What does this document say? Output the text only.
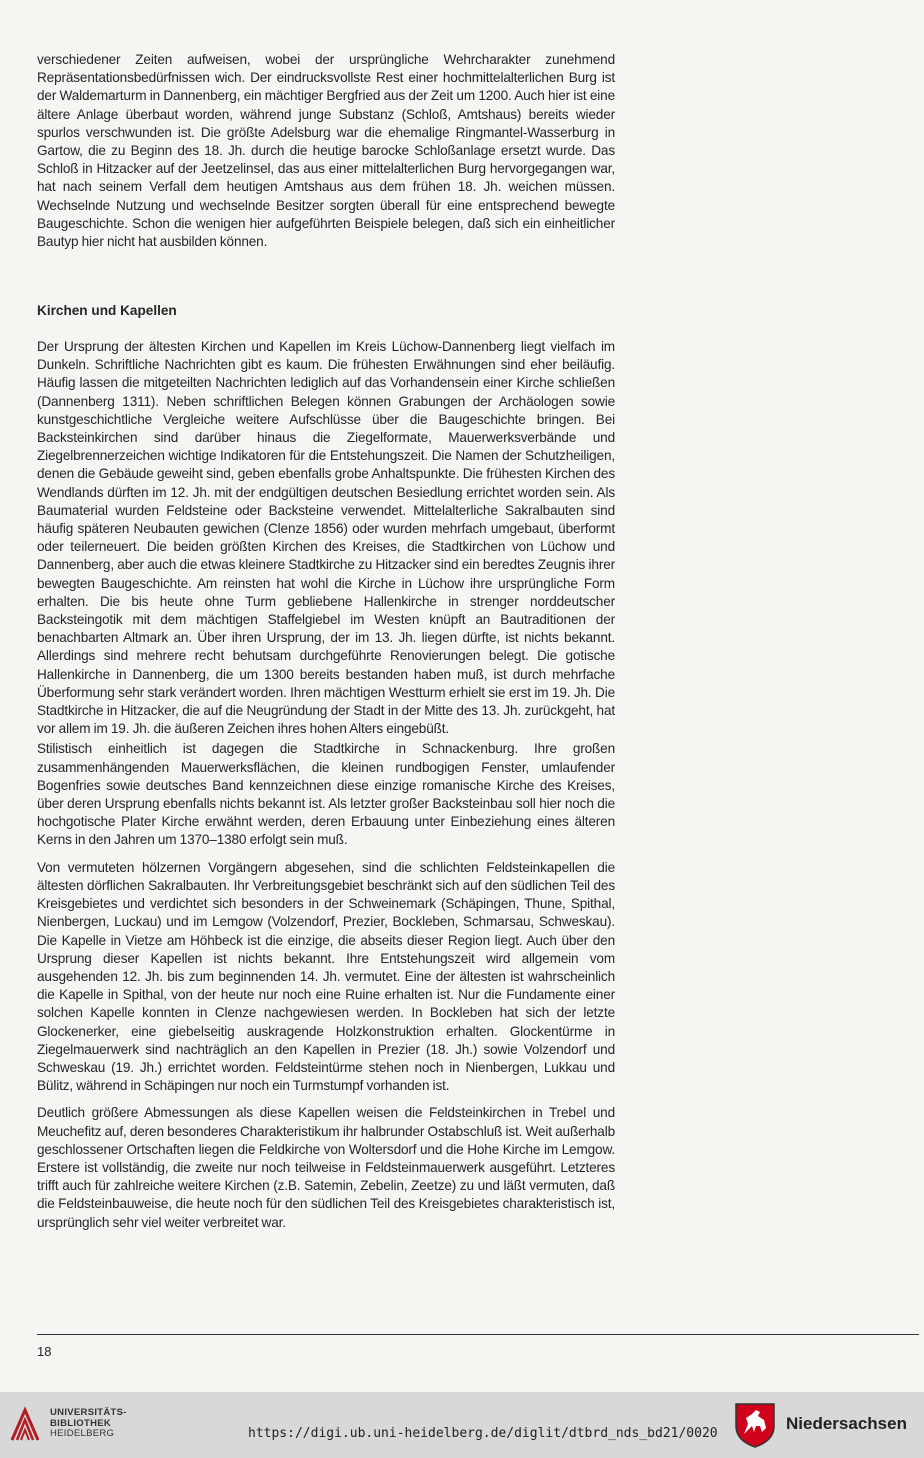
verschiedener Zeiten aufweisen, wobei der ursprüngliche Wehrcharakter zunehmend Repräsentationsbedürfnissen wich. Der eindrucksvollste Rest einer hochmittelalterlichen Burg ist der Waldemarturm in Dannenberg, ein mächtiger Bergfried aus der Zeit um 1200. Auch hier ist eine ältere Anlage überbaut worden, während junge Substanz (Schloß, Amtshaus) bereits wieder spurlos verschwunden ist. Die größte Adelsburg war die ehemalige Ringmantel-Wasserburg in Gartow, die zu Beginn des 18. Jh. durch die heutige barocke Schloßanlage ersetzt wurde. Das Schloß in Hitzacker auf der Jeetzelinsel, das aus einer mittelalterlichen Burg hervorgegangen war, hat nach seinem Verfall dem heutigen Amtshaus aus dem frühen 18. Jh. weichen müssen. Wechselnde Nutzung und wechselnde Besitzer sorgten überall für eine entsprechend bewegte Baugeschichte. Schon die wenigen hier aufgeführten Beispiele belegen, daß sich ein einheitlicher Bautyp hier nicht hat ausbilden können.

Kirchen und Kapellen

Der Ursprung der ältesten Kirchen und Kapellen im Kreis Lüchow-Dannenberg liegt vielfach im Dunkeln. Schriftliche Nachrichten gibt es kaum. Die frühesten Erwähnungen sind eher beiläufig. Häufig lassen die mitgeteilten Nachrichten lediglich auf das Vorhandensein einer Kirche schließen (Dannenberg 1311). Neben schriftlichen Belegen können Grabungen der Archäologen sowie kunstgeschichtliche Vergleiche weitere Aufschlüsse über die Baugeschichte bringen. Bei Backsteinkirchen sind darüber hinaus die Ziegelformate, Mauerwerksverbände und Ziegelbrennerzeichen wichtige Indikatoren für die Entstehungszeit. Die Namen der Schutzheiligen, denen die Gebäude geweiht sind, geben ebenfalls grobe Anhaltspunkte. Die frühesten Kirchen des Wendlands dürften im 12. Jh. mit der endgültigen deutschen Besiedlung errichtet worden sein. Als Baumaterial wurden Feldsteine oder Backsteine verwendet. Mittelalterliche Sakralbauten sind häufig späteren Neubauten gewichen (Clenze 1856) oder wurden mehrfach umgebaut, überformt oder teilerneuert. Die beiden größten Kirchen des Kreises, die Stadtkirchen von Lüchow und Dannenberg, aber auch die etwas kleinere Stadtkirche zu Hitzacker sind ein beredtes Zeugnis ihrer bewegten Baugeschichte. Am reinsten hat wohl die Kirche in Lüchow ihre ursprüngliche Form erhalten. Die bis heute ohne Turm gebliebene Hallenkirche in strenger norddeutscher Backsteingotik mit dem mächtigen Staffelgiebel im Westen knüpft an Bautraditionen der benachbarten Altmark an. Über ihren Ursprung, der im 13. Jh. liegen dürfte, ist nichts bekannt. Allerdings sind mehrere recht behutsam durchgeführte Renovierungen belegt. Die gotische Hallenkirche in Dannenberg, die um 1300 bereits bestanden haben muß, ist durch mehrfache Überformung sehr stark verändert worden. Ihren mächtigen Westturm erhielt sie erst im 19. Jh. Die Stadtkirche in Hitzacker, die auf die Neugründung der Stadt in der Mitte des 13. Jh. zurückgeht, hat vor allem im 19. Jh. die äußeren Zeichen ihres hohen Alters eingebüßt.

Stilistisch einheitlich ist dagegen die Stadtkirche in Schnackenburg. Ihre großen zusammenhängenden Mauerwerksflächen, die kleinen rundbogigen Fenster, umlaufender Bogenfries sowie deutsches Band kennzeichnen diese einzige romanische Kirche des Kreises, über deren Ursprung ebenfalls nichts bekannt ist. Als letzter großer Backsteinbau soll hier noch die hochgotische Plater Kirche erwähnt werden, deren Erbauung unter Einbeziehung eines älteren Kerns in den Jahren um 1370–1380 erfolgt sein muß.

Von vermuteten hölzernen Vorgängern abgesehen, sind die schlichten Feldsteinkapellen die ältesten dörflichen Sakralbauten. Ihr Verbreitungsgebiet beschränkt sich auf den südlichen Teil des Kreisgebietes und verdichtet sich besonders in der Schweinemark (Schäpingen, Thune, Spithal, Nienbergen, Luckau) und im Lemgow (Volzendorf, Prezier, Bockleben, Schmarsau, Schweskau). Die Kapelle in Vietze am Höhbeck ist die einzige, die abseits dieser Region liegt. Auch über den Ursprung dieser Kapellen ist nichts bekannt. Ihre Entstehungszeit wird allgemein vom ausgehenden 12. Jh. bis zum beginnenden 14. Jh. vermutet. Eine der ältesten ist wahrscheinlich die Kapelle in Spithal, von der heute nur noch eine Ruine erhalten ist. Nur die Fundamente einer solchen Kapelle konnten in Clenze nachgewiesen werden. In Bockleben hat sich der letzte Glockenerker, eine giebelseitig auskragende Holzkonstruktion erhalten. Glockentürme in Ziegelmauerwerk sind nachträglich an den Kapellen in Prezier (18. Jh.) sowie Volzendorf und Schweskau (19. Jh.) errichtet worden. Feldsteintürme stehen noch in Nienbergen, Lukkau und Bülitz, während in Schäpingen nur noch ein Turmstumpf vorhanden ist.

Deutlich größere Abmessungen als diese Kapellen weisen die Feldsteinkirchen in Trebel und Meuchefitz auf, deren besonderes Charakteristikum ihr halbrunder Ostabschluß ist. Weit außerhalb geschlossener Ortschaften liegen die Feldkirche von Woltersdorf und die Hohe Kirche im Lemgow. Erstere ist vollständig, die zweite nur noch teilweise in Feldsteinmauerwerk ausgeführt. Letzteres trifft auch für zahlreiche weitere Kirchen (z.B. Satemin, Zebelin, Zeetze) zu und läßt vermuten, daß die Feldsteinbauweise, die heute noch für den südlichen Teil des Kreisgebietes charakteristisch ist, ursprünglich sehr viel weiter verbreitet war.

18
UNIVERSITÄTS-
BIBLIOTHEK
HEIDELBERG	https://digi.ub.uni-heidelberg.de/diglit/dtbrd_nds_bd21/0020
Niedersachsen
